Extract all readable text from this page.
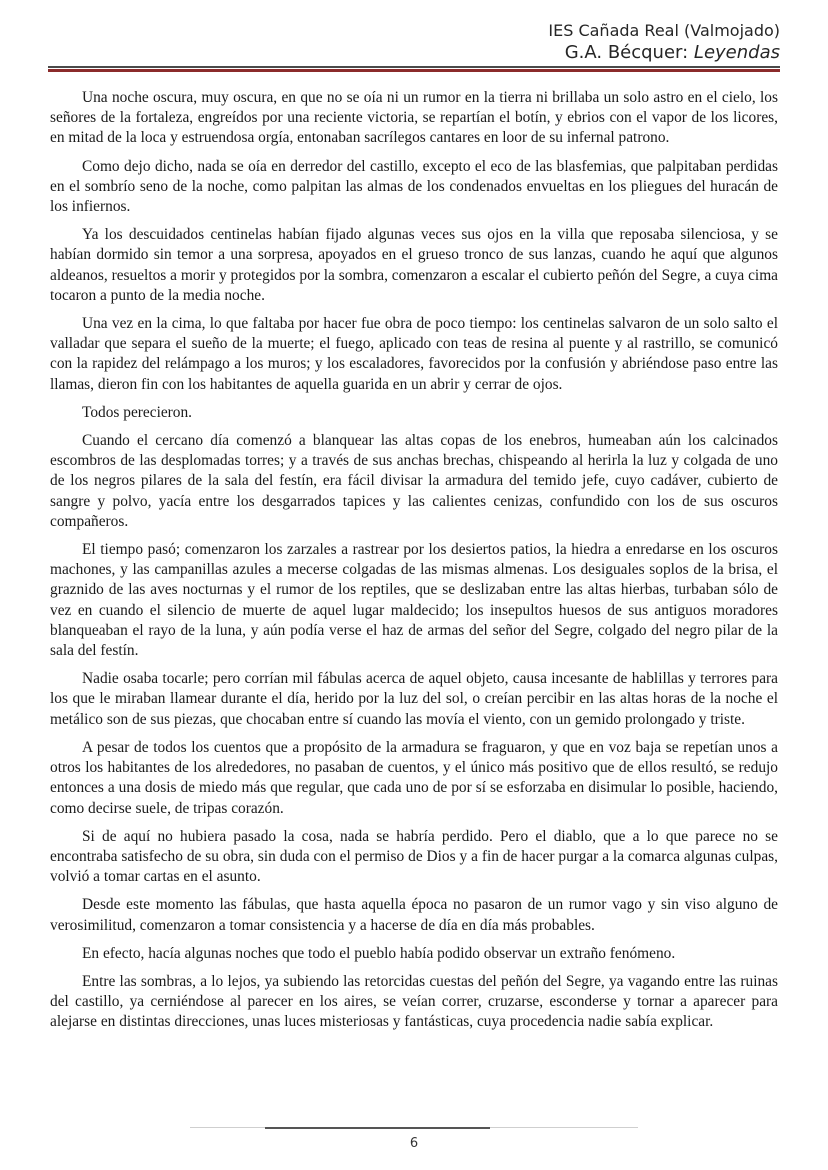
IES Cañada Real (Valmojado)
G.A. Bécquer: Leyendas

Una noche oscura, muy oscura, en que no se oía ni un rumor en la tierra ni brillaba un solo astro en el cielo, los señores de la fortaleza, engreídos por una reciente victoria, se repartían el botín, y ebrios con el vapor de los licores, en mitad de la loca y estruendosa orgía, entonaban sacrílegos cantares en loor de su infernal patrono.

Como dejo dicho, nada se oía en derredor del castillo, excepto el eco de las blasfemias, que palpitaban perdidas en el sombrío seno de la noche, como palpitan las almas de los condenados envueltas en los pliegues del huracán de los infiernos.

Ya los descuidados centinelas habían fijado algunas veces sus ojos en la villa que reposaba silenciosa, y se habían dormido sin temor a una sorpresa, apoyados en el grueso tronco de sus lanzas, cuando he aquí que algunos aldeanos, resueltos a morir y protegidos por la sombra, comenzaron a escalar el cubierto peñón del Segre, a cuya cima tocaron a punto de la media noche.

Una vez en la cima, lo que faltaba por hacer fue obra de poco tiempo: los centinelas salvaron de un solo salto el valladar que separa el sueño de la muerte; el fuego, aplicado con teas de resina al puente y al rastrillo, se comunicó con la rapidez del relámpago a los muros; y los escaladores, favorecidos por la confusión y abriéndose paso entre las llamas, dieron fin con los habitantes de aquella guarida en un abrir y cerrar de ojos.

Todos perecieron.

Cuando el cercano día comenzó a blanquear las altas copas de los enebros, humeaban aún los calcinados escombros de las desplomadas torres; y a través de sus anchas brechas, chispeando al herirla la luz y colgada de uno de los negros pilares de la sala del festín, era fácil divisar la armadura del temido jefe, cuyo cadáver, cubierto de sangre y polvo, yacía entre los desgarrados tapices y las calientes cenizas, confundido con los de sus oscuros compañeros.

El tiempo pasó; comenzaron los zarzales a rastrear por los desiertos patios, la hiedra a enredarse en los oscuros machones, y las campanillas azules a mecerse colgadas de las mismas almenas. Los desiguales soplos de la brisa, el graznido de las aves nocturnas y el rumor de los reptiles, que se deslizaban entre las altas hierbas, turbaban sólo de vez en cuando el silencio de muerte de aquel lugar maldecido; los insepultos huesos de sus antiguos moradores blanqueaban el rayo de la luna, y aún podía verse el haz de armas del señor del Segre, colgado del negro pilar de la sala del festín.

Nadie osaba tocarle; pero corrían mil fábulas acerca de aquel objeto, causa incesante de hablillas y terrores para los que le miraban llamear durante el día, herido por la luz del sol, o creían percibir en las altas horas de la noche el metálico son de sus piezas, que chocaban entre sí cuando las movía el viento, con un gemido prolongado y triste.

A pesar de todos los cuentos que a propósito de la armadura se fraguaron, y que en voz baja se repetían unos a otros los habitantes de los alrededores, no pasaban de cuentos, y el único más positivo que de ellos resultó, se redujo entonces a una dosis de miedo más que regular, que cada uno de por sí se esforzaba en disimular lo posible, haciendo, como decirse suele, de tripas corazón.

Si de aquí no hubiera pasado la cosa, nada se habría perdido. Pero el diablo, que a lo que parece no se encontraba satisfecho de su obra, sin duda con el permiso de Dios y a fin de hacer purgar a la comarca algunas culpas, volvió a tomar cartas en el asunto.

Desde este momento las fábulas, que hasta aquella época no pasaron de un rumor vago y sin viso alguno de verosimilitud, comenzaron a tomar consistencia y a hacerse de día en día más probables.

En efecto, hacía algunas noches que todo el pueblo había podido observar un extraño fenómeno.

Entre las sombras, a lo lejos, ya subiendo las retorcidas cuestas del peñón del Segre, ya vagando entre las ruinas del castillo, ya cerniéndose al parecer en los aires, se veían correr, cruzarse, esconderse y tornar a aparecer para alejarse en distintas direcciones, unas luces misteriosas y fantásticas, cuya procedencia nadie sabía explicar.

6
